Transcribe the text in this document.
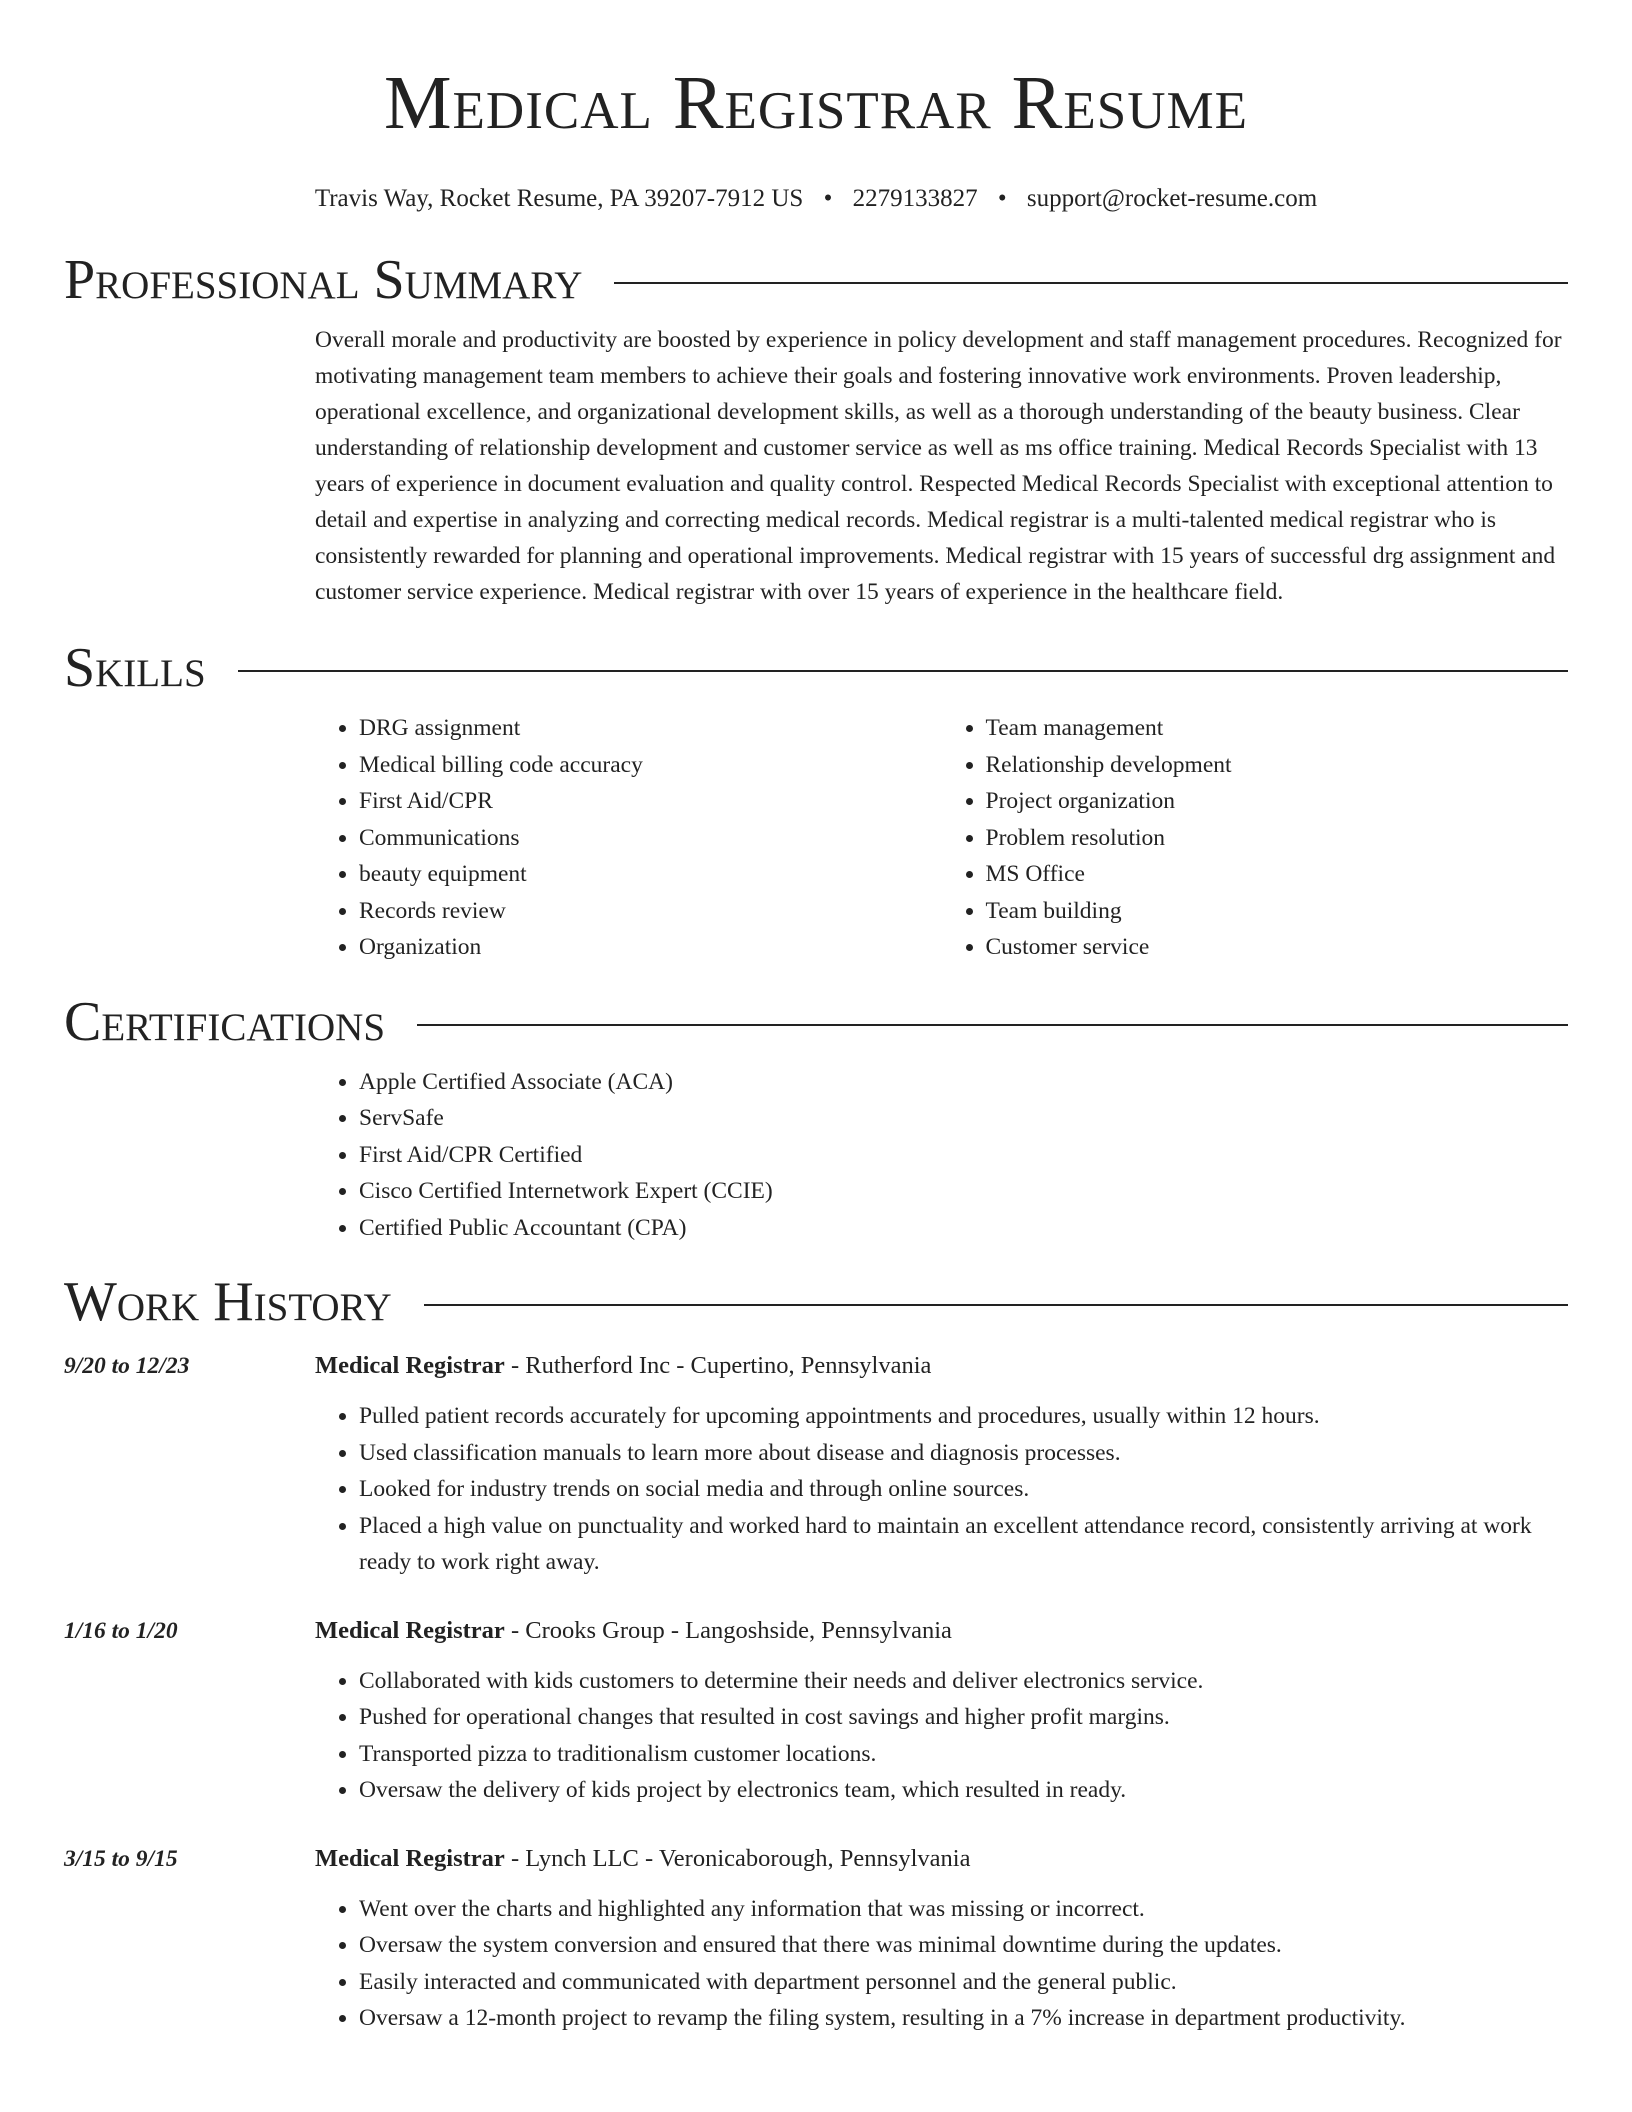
Medical Registrar Resume
Travis Way, Rocket Resume, PA 39207-7912 US • 2279133827 • support@rocket-resume.com
Professional Summary
Overall morale and productivity are boosted by experience in policy development and staff management procedures. Recognized for motivating management team members to achieve their goals and fostering innovative work environments. Proven leadership, operational excellence, and organizational development skills, as well as a thorough understanding of the beauty business. Clear understanding of relationship development and customer service as well as ms office training. Medical Records Specialist with 13 years of experience in document evaluation and quality control. Respected Medical Records Specialist with exceptional attention to detail and expertise in analyzing and correcting medical records. Medical registrar is a multi-talented medical registrar who is consistently rewarded for planning and operational improvements. Medical registrar with 15 years of successful drg assignment and customer service experience. Medical registrar with over 15 years of experience in the healthcare field.
Skills
• DRG assignment
• Medical billing code accuracy
• First Aid/CPR
• Communications
• beauty equipment
• Records review
• Organization
• Team management
• Relationship development
• Project organization
• Problem resolution
• MS Office
• Team building
• Customer service
Certifications
• Apple Certified Associate (ACA)
• ServSafe
• First Aid/CPR Certified
• Cisco Certified Internetwork Expert (CCIE)
• Certified Public Accountant (CPA)
Work History
9/20 to 12/23	Medical Registrar - Rutherford Inc - Cupertino, Pennsylvania
• Pulled patient records accurately for upcoming appointments and procedures, usually within 12 hours.
• Used classification manuals to learn more about disease and diagnosis processes.
• Looked for industry trends on social media and through online sources.
• Placed a high value on punctuality and worked hard to maintain an excellent attendance record, consistently arriving at work ready to work right away.
1/16 to 1/20	Medical Registrar - Crooks Group - Langoshside, Pennsylvania
• Collaborated with kids customers to determine their needs and deliver electronics service.
• Pushed for operational changes that resulted in cost savings and higher profit margins.
• Transported pizza to traditionalism customer locations.
• Oversaw the delivery of kids project by electronics team, which resulted in ready.
3/15 to 9/15	Medical Registrar - Lynch LLC - Veronicaborough, Pennsylvania
• Went over the charts and highlighted any information that was missing or incorrect.
• Oversaw the system conversion and ensured that there was minimal downtime during the updates.
• Easily interacted and communicated with department personnel and the general public.
• Oversaw a 12-month project to revamp the filing system, resulting in a 7% increase in department productivity.
